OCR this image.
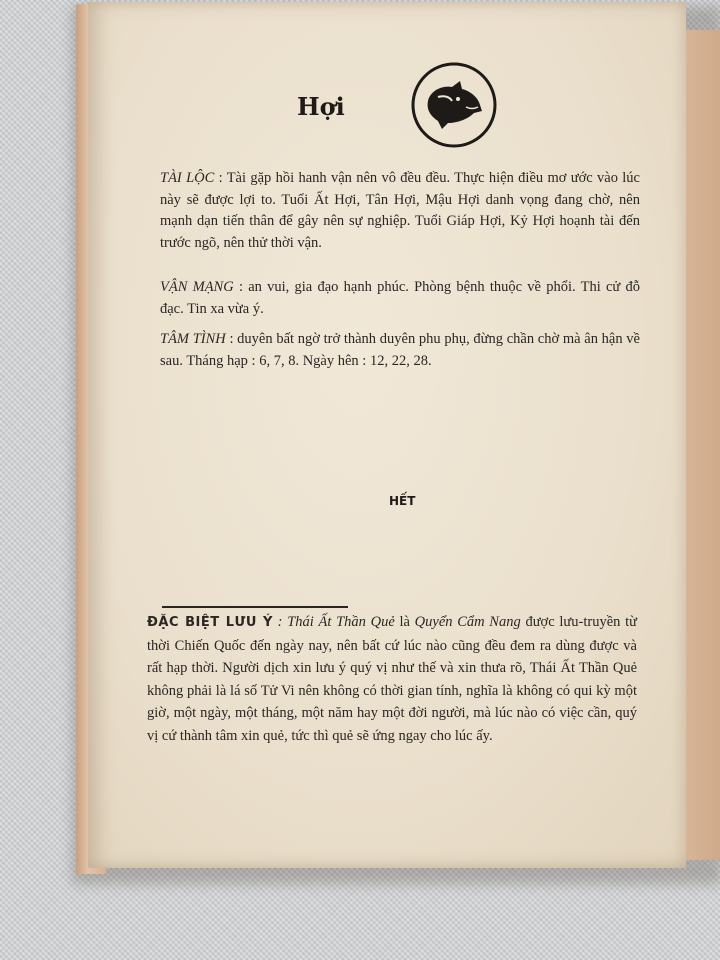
Hợi
TÀI LỘC : Tài gặp hồi hanh vận nên vô đều đều. Thực hiện điều mơ ước vào lúc này sẽ được lợi to. Tuổi Ất Hợi, Tân Hợi, Mậu Hợi danh vọng đang chờ, nên mạnh dạn tiến thân để gây nên sự nghiệp. Tuổi Giáp Hợi, Kỷ Hợi hoạnh tài đến trước ngõ, nên thử thời vận.
VẬN MẠNG : an vui, gia đạo hạnh phúc. Phòng bệnh thuộc về phổi. Thi cử đỗ đạc. Tin xa vừa ý.
TÂM TÌNH : duyên bất ngờ trở thành duyên phu phụ, đừng chần chờ mà ân hận về sau. Tháng hạp : 6, 7, 8. Ngày hên : 12, 22, 28.
HẾT
ĐẶC BIỆT LƯU Ý : Thái Ất Thần Quẻ là Quyển Cẩm Nang được lưu-truyền từ thời Chiến Quốc đến ngày nay, nên bất cứ lúc nào cũng đều đem ra dùng được và rất hạp thời. Người dịch xin lưu ý quý vị như thế và xin thưa rõ, Thái Ất Thần Quẻ không phải là lá số Tử Vi nên không có thời gian tính, nghĩa là không có qui kỳ một giờ, một ngày, một tháng, một năm hay một đời người, mà lúc nào có việc cần, quý vị cứ thành tâm xin quẻ, tức thì quẻ sẽ ứng ngay cho lúc ấy.
